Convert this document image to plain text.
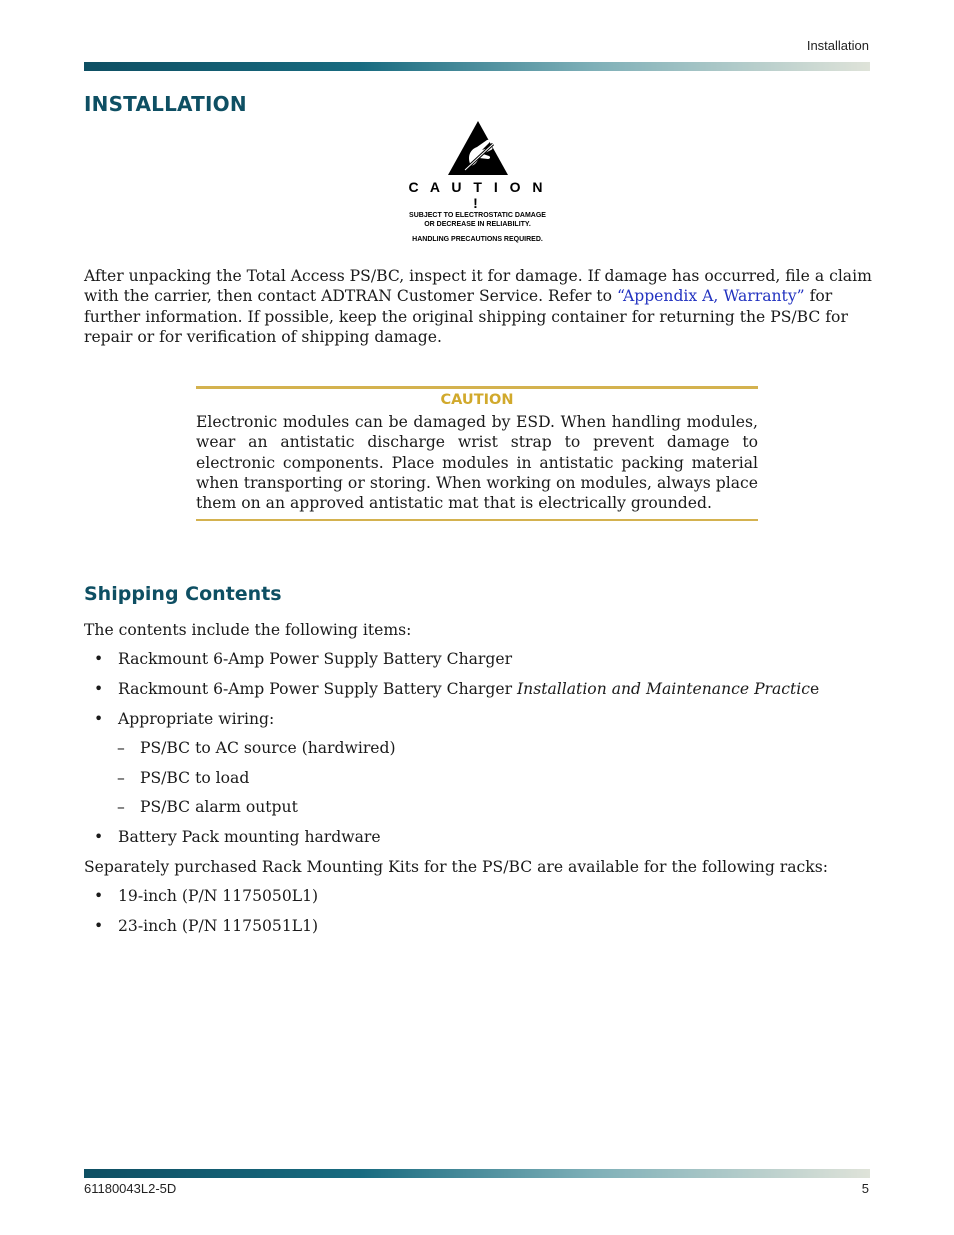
Installation
INSTALLATION
C A U T I O N !
SUBJECT TO ELECTROSTATIC DAMAGE
OR DECREASE IN RELIABILITY.
HANDLING PRECAUTIONS REQUIRED.

After unpacking the Total Access PS/BC, inspect it for damage. If damage has occurred, file a claim with the carrier, then contact ADTRAN Customer Service. Refer to “Appendix A, Warranty” for further information. If possible, keep the original shipping container for returning the PS/BC for repair or for verification of shipping damage.

CAUTION

Electronic modules can be damaged by ESD. When handling modules, wear an antistatic discharge wrist strap to prevent damage to electronic components. Place modules in antistatic packing material when transporting or storing. When working on modules, always place them on an approved antistatic mat that is electrically grounded.

Shipping Contents
The contents include the following items:
• Rackmount 6-Amp Power Supply Battery Charger
• Rackmount 6-Amp Power Supply Battery Charger Installation and Maintenance Practice
• Appropriate wiring:
– PS/BC to AC source (hardwired)
– PS/BC to load
– PS/BC alarm output
• Battery Pack mounting hardware
Separately purchased Rack Mounting Kits for the PS/BC are available for the following racks:
• 19-inch (P/N 1175050L1)
• 23-inch (P/N 1175051L1)
61180043L2-5D	5
